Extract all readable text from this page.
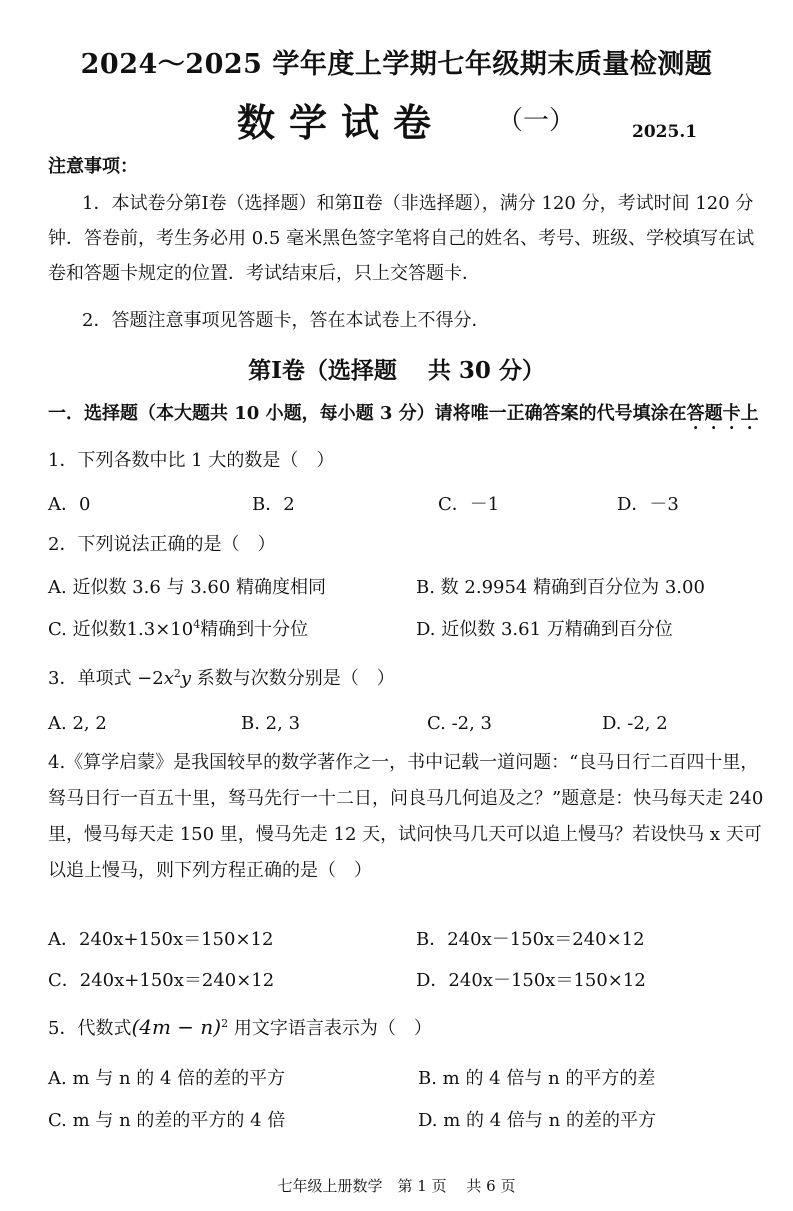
2024～2025 学年度上学期七年级期末质量检测题
数学试卷 （一）	2025.1
注意事项：
1．本试卷分第Ⅰ卷（选择题）和第Ⅱ卷（非选择题），满分 120 分，考试时间 120 分钟．答卷前，考生务必用 0.5 毫米黑色签字笔将自己的姓名、考号、班级、学校填写在试卷和答题卡规定的位置．考试结束后，只上交答题卡．
2．答题注意事项见答题卡，答在本试卷上不得分．
第Ⅰ卷（选择题　 共 30 分）
一．选择题（本大题共 10 小题，每小题 3 分）请将唯一正确答案的代号填涂在答题卡上
1．下列各数中比 1 大的数是（　）
A．0	B．2	C．－1	D．－3
2．下列说法正确的是（　）
A. 近似数 3.6 与 3.60 精确度相同	B. 数 2.9954 精确到百分位为 3.00
C. 近似数$1.3\times 10^4$精确到十分位	D. 近似数 3.61 万精确到百分位
3．单项式 $-2x^2y$ 系数与次数分别是（　）
A. 2, 2	B. 2, 3	C. -2, 3	D. -2, 2
4.《算学启蒙》是我国较早的数学著作之一，书中记载一道问题：“良马日行二百四十里，驽马日行一百五十里，驽马先行一十二日，问良马几何追及之？”题意是：快马每天走 240 里，慢马每天走 150 里，慢马先走 12 天，试问快马几天可以追上慢马？若设快马 x 天可以追上慢马，则下列方程正确的是（　）
A．240x+150x＝150×12	B．240x－150x＝240×12
C．240x+150x＝240×12	D．240x－150x＝150×12
5．代数式$(4m - n)^2$ 用文字语言表示为（　）
A. m 与 n 的 4 倍的差的平方	B. m 的 4 倍与 n 的平方的差
C. m 与 n 的差的平方的 4 倍	D. m 的 4 倍与 n 的差的平方
七年级上册数学　第 1 页　 共 6 页
